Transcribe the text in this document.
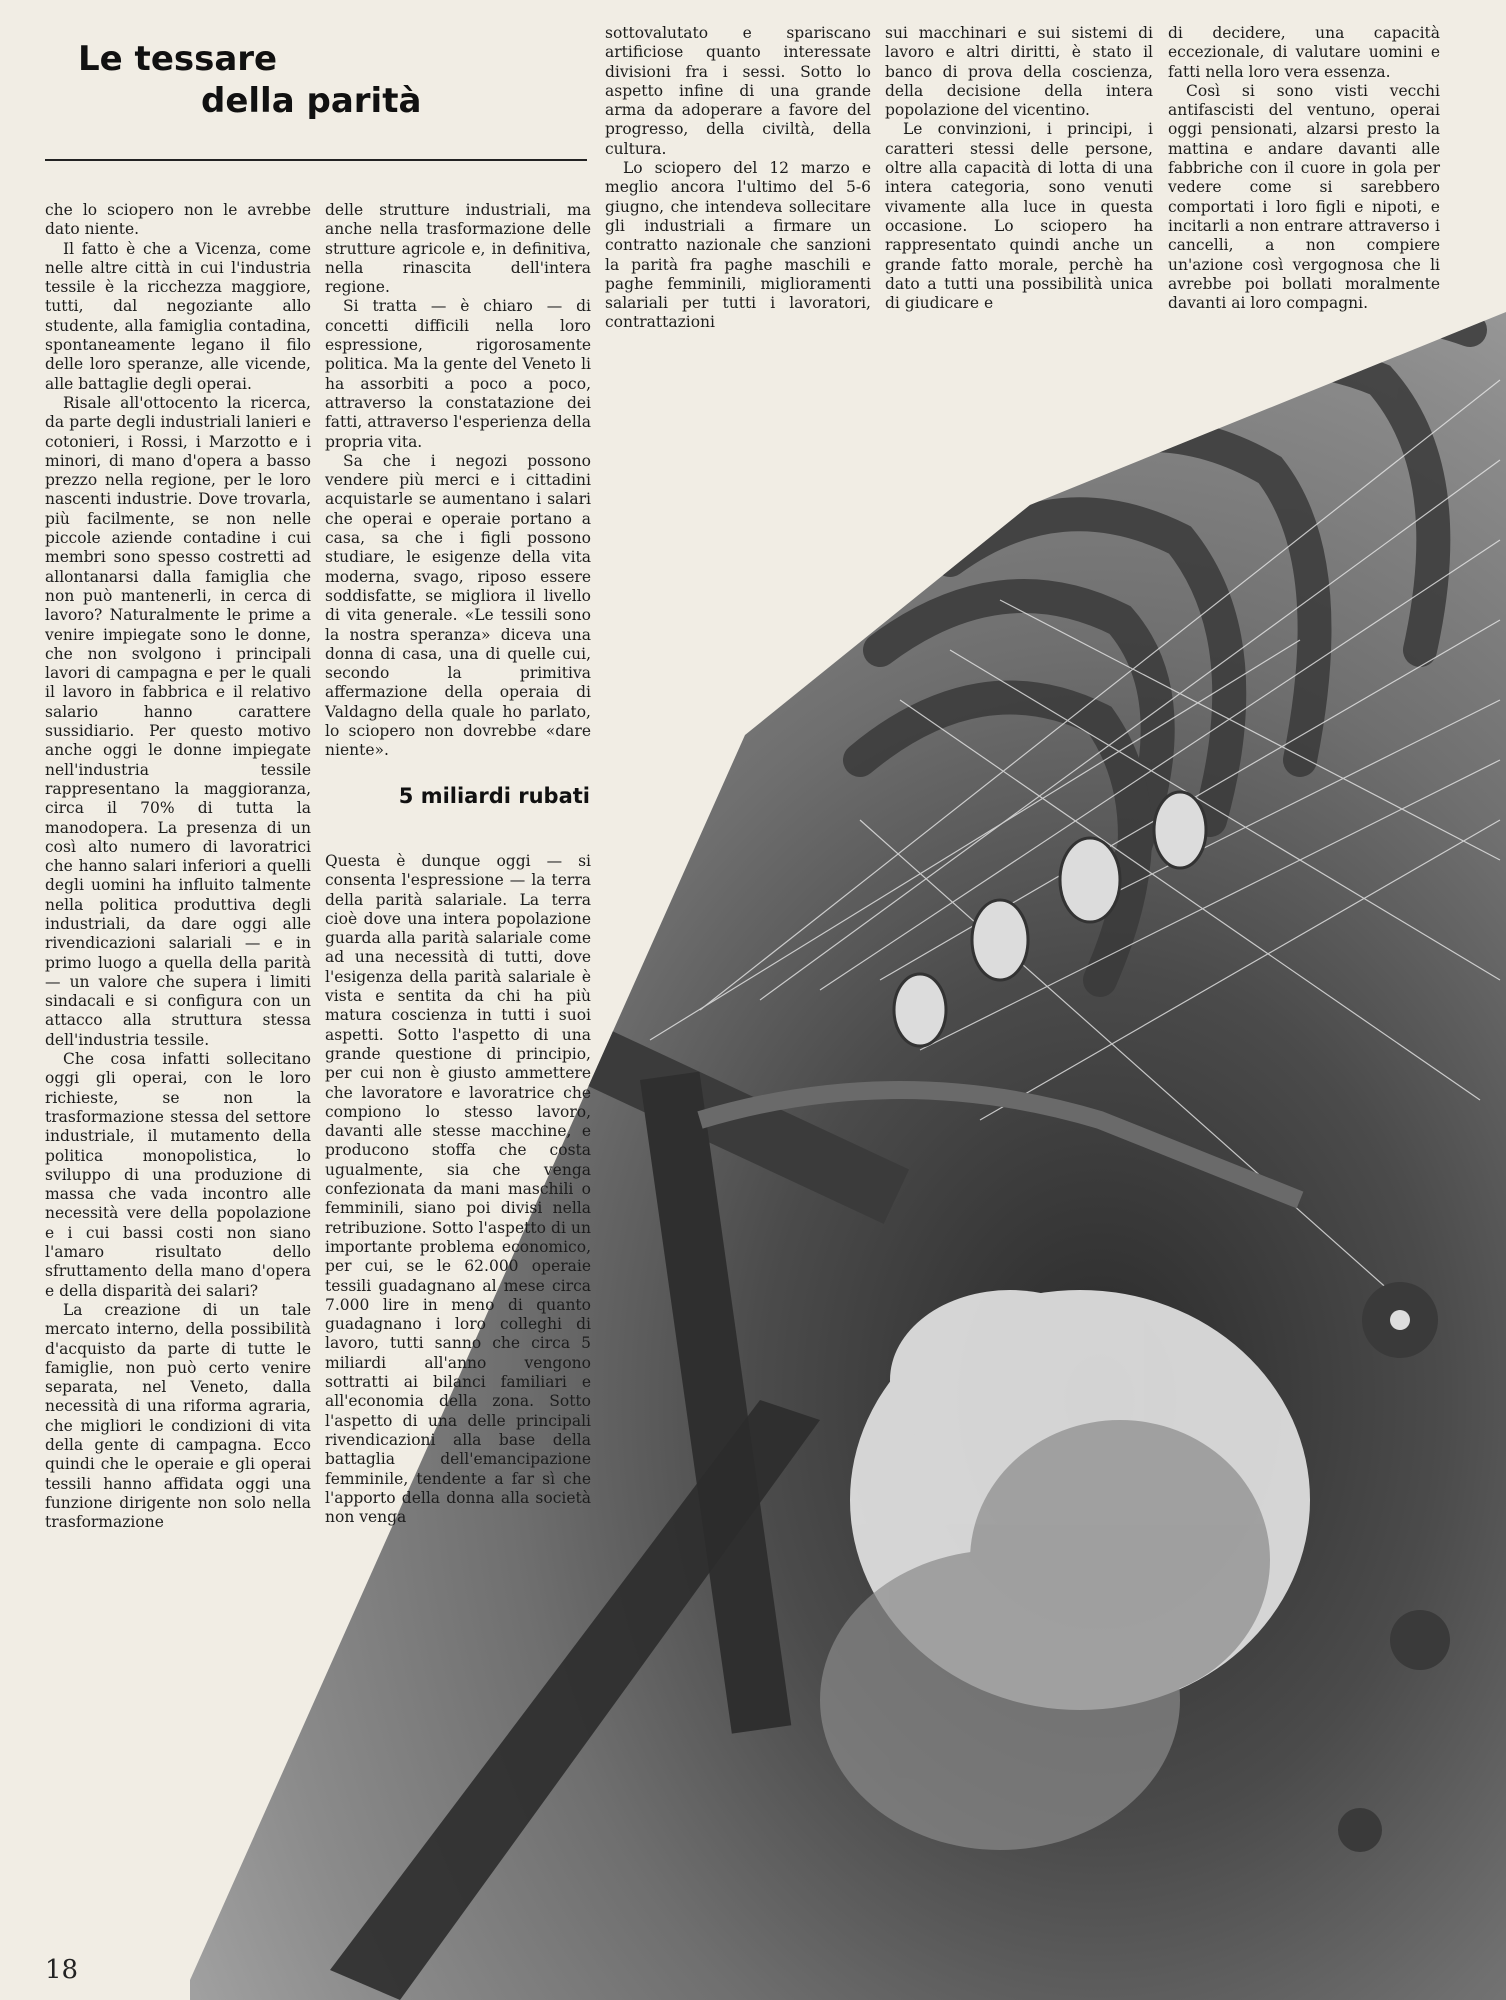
Le tessare
della parità

che lo sciopero non le avrebbe dato niente.

Il fatto è che a Vicenza, come nelle altre città in cui l'industria tessile è la ricchezza maggiore, tutti, dal negoziante allo studente, alla famiglia contadina, spontaneamente legano il filo delle loro speranze, alle vicende, alle battaglie degli operai.

Risale all'ottocento la ricerca, da parte degli industriali lanieri e cotonieri, i Rossi, i Marzotto e i minori, di mano d'opera a basso prezzo nella regione, per le loro nascenti industrie. Dove trovarla, più facilmente, se non nelle piccole aziende contadine i cui membri sono spesso costretti ad allontanarsi dalla famiglia che non può mantenerli, in cerca di lavoro? Naturalmente le prime a venire impiegate sono le donne, che non svolgono i principali lavori di campagna e per le quali il lavoro in fabbrica e il relativo salario hanno carattere sussidiario. Per questo motivo anche oggi le donne impiegate nell'industria tessile rappresentano la maggioranza, circa il 70% di tutta la manodopera. La presenza di un così alto numero di lavoratrici che hanno salari inferiori a quelli degli uomini ha influito talmente nella politica produttiva degli industriali, da dare oggi alle rivendicazioni salariali — e in primo luogo a quella della parità — un valore che supera i limiti sindacali e si configura con un attacco alla struttura stessa dell'industria tessile.

Che cosa infatti sollecitano oggi gli operai, con le loro richieste, se non la trasformazione stessa del settore industriale, il mutamento della politica monopolistica, lo sviluppo di una produzione di massa che vada incontro alle necessità vere della popolazione e i cui bassi costi non siano l'amaro risultato dello sfruttamento della mano d'opera e della disparità dei salari?

La creazione di un tale mercato interno, della possibilità d'acquisto da parte di tutte le famiglie, non può certo venire separata, nel Veneto, dalla necessità di una riforma agraria, che migliori le condizioni di vita della gente di campagna. Ecco quindi che le operaie e gli operai tessili hanno affidata oggi una funzione dirigente non solo nella trasformazione

delle strutture industriali, ma anche nella trasformazione delle strutture agricole e, in definitiva, nella rinascita dell'intera regione.

Si tratta — è chiaro — di concetti difficili nella loro espressione, rigorosamente politica. Ma la gente del Veneto li ha assorbiti a poco a poco, attraverso la constatazione dei fatti, attraverso l'esperienza della propria vita.

Sa che i negozi possono vendere più merci e i cittadini acquistarle se aumentano i salari che operai e operaie portano a casa, sa che i figli possono studiare, le esigenze della vita moderna, svago, riposo essere soddisfatte, se migliora il livello di vita generale. «Le tessili sono la nostra speranza» diceva una donna di casa, una di quelle cui, secondo la primitiva affermazione della operaia di Valdagno della quale ho parlato, lo sciopero non dovrebbe «dare niente».

5 miliardi rubati

Questa è dunque oggi — si consenta l'espressione — la terra della parità salariale. La terra cioè dove una intera popolazione guarda alla parità salariale come ad una necessità di tutti, dove l'esigenza della parità salariale è vista e sentita da chi ha più matura coscienza in tutti i suoi aspetti. Sotto l'aspetto di una grande questione di principio, per cui non è giusto ammettere che lavoratore e lavoratrice che compiono lo stesso lavoro, davanti alle stesse macchine, e producono stoffa che costa ugualmente, sia che venga confezionata da mani maschili o femminili, siano poi divisi nella retribuzione. Sotto l'aspetto di un importante problema economico, per cui, se le 62.000 operaie tessili guadagnano al mese circa 7.000 lire in meno di quanto guadagnano i loro colleghi di lavoro, tutti sanno che circa 5 miliardi all'anno vengono sottratti ai bilanci familiari e all'economia della zona. Sotto l'aspetto di una delle principali rivendicazioni alla base della battaglia dell'emancipazione femminile, tendente a far sì che l'apporto della donna alla società non venga

sottovalutato e spariscano artificiose quanto interessate divisioni fra i sessi. Sotto lo aspetto infine di una grande arma da adoperare a favore del progresso, della civiltà, della cultura.

Lo sciopero del 12 marzo e meglio ancora l'ultimo del 5-6 giugno, che intendeva sollecitare gli industriali a firmare un contratto nazionale che sanzioni la parità fra paghe maschili e paghe femminili, miglioramenti salariali per tutti i lavoratori, contrattazioni

sui macchinari e sui sistemi di lavoro e altri diritti, è stato il banco di prova della coscienza, della decisione della intera popolazione del vicentino.

Le convinzioni, i principi, i caratteri stessi delle persone, oltre alla capacità di lotta di una intera categoria, sono venuti vivamente alla luce in questa occasione. Lo sciopero ha rappresentato quindi anche un grande fatto morale, perchè ha dato a tutti una possibilità unica di giudicare e

di decidere, una capacità eccezionale, di valutare uomini e fatti nella loro vera essenza.

Così si sono visti vecchi antifascisti del ventuno, operai oggi pensionati, alzarsi presto la mattina e andare davanti alle fabbriche con il cuore in gola per vedere come si sarebbero comportati i loro figli e nipoti, e incitarli a non entrare attraverso i cancelli, a non compiere un'azione così vergognosa che li avrebbe poi bollati moralmente davanti ai loro compagni.

18
